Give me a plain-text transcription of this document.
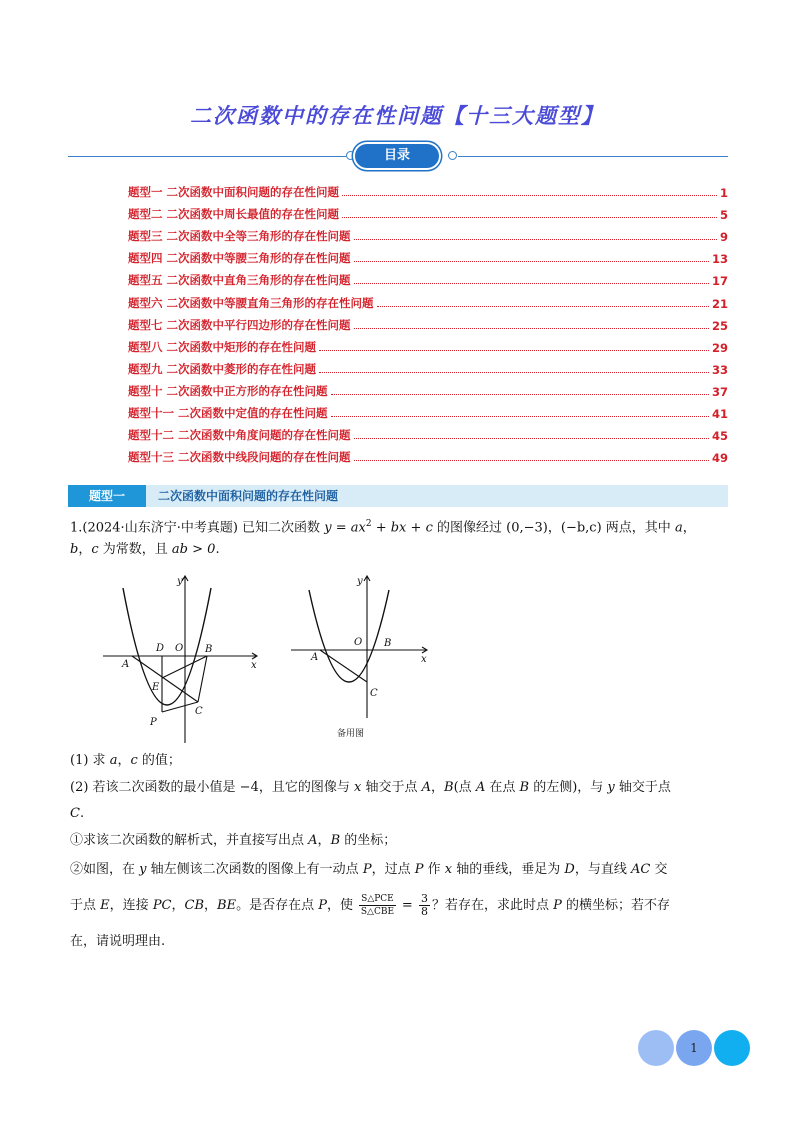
二次函数中的存在性问题【十三大题型】
目录
题型一 二次函数中面积问题的存在性问题	1
题型二 二次函数中周长最值的存在性问题	5
题型三 二次函数中全等三角形的存在性问题	9
题型四 二次函数中等腰三角形的存在性问题	13
题型五 二次函数中直角三角形的存在性问题	17
题型六 二次函数中等腰直角三角形的存在性问题	21
题型七 二次函数中平行四边形的存在性问题	25
题型八 二次函数中矩形的存在性问题	29
题型九 二次函数中菱形的存在性问题	33
题型十 二次函数中正方形的存在性问题	37
题型十一 二次函数中定值的存在性问题	41
题型十二 二次函数中角度问题的存在性问题	45
题型十三 二次函数中线段问题的存在性问题	49
题型一	二次函数中面积问题的存在性问题
1.(2024·山东济宁·中考真题) 已知二次函数 $y = ax^2$ + bx + c 的图像经过 (0,−3)，(−b,c) 两点，其中 a，
b，c 为常数，且 ab > 0.
y
x
O
D
A
B
E
P
C
y
x
O
A
B
C
备用图
(1) 求 a，c 的值；
(2) 若该二次函数的最小值是 −4，且它的图像与 x 轴交于点 A，B(点 A 在点 B 的左侧)，与 y 轴交于点
C.
①求该二次函数的解析式，并直接写出点 A，B 的坐标；
②如图，在 y 轴左侧该二次函数的图像上有一动点 P，过点 P 作 x 轴的垂线，垂足为 D，与直线 AC 交
于点 E，连接 PC，CB，BE。是否存在点 P，使 $\frac{\text{S△PCE}}{\text{S△CBE}} = \frac{3}{8}$ ？若存在，求此时点 P 的横坐标；若不存
在，请说明理由.
1
